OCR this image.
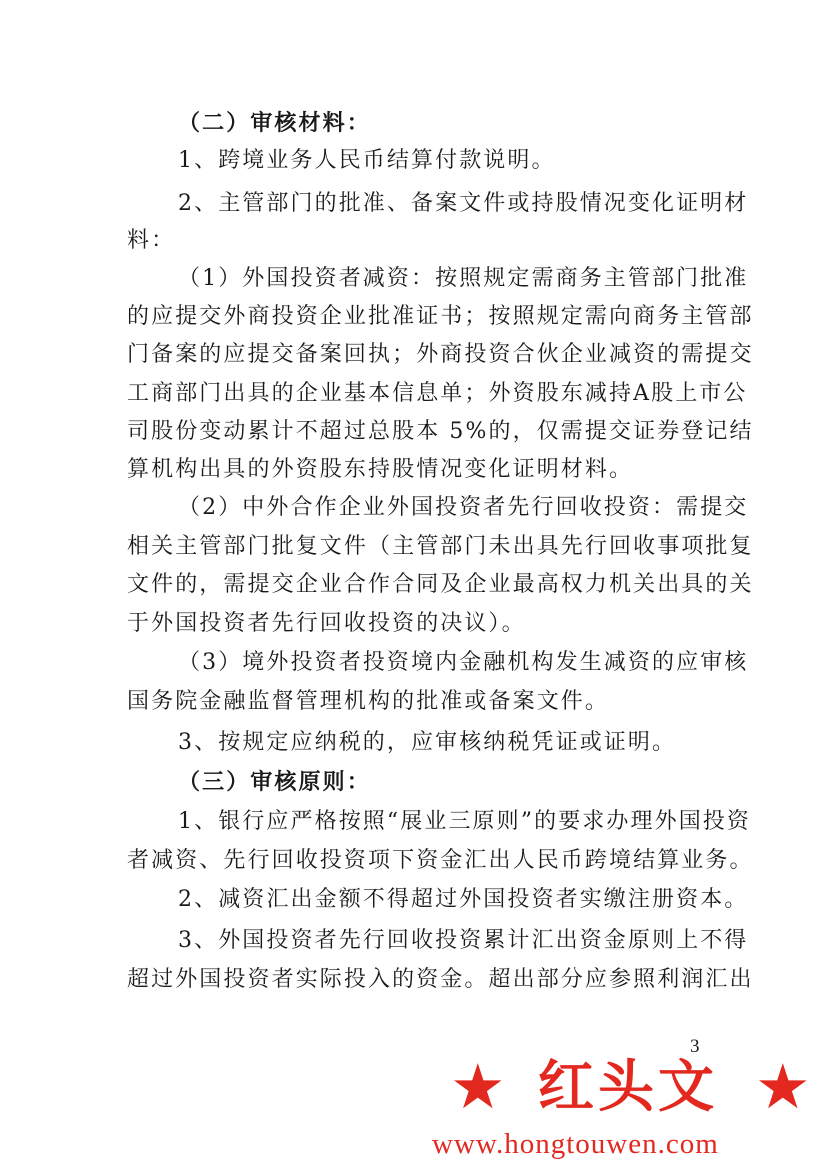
（二）审核材料：
1、跨境业务人民币结算付款说明。
2、主管部门的批准、备案文件或持股情况变化证明材
料：
（1）外国投资者减资：按照规定需商务主管部门批准
的应提交外商投资企业批准证书；按照规定需向商务主管部
门备案的应提交备案回执；外商投资合伙企业减资的需提交
工商部门出具的企业基本信息单；外资股东减持A股上市公
司股份变动累计不超过总股本 5%的，仅需提交证券登记结
算机构出具的外资股东持股情况变化证明材料。
（2）中外合作企业外国投资者先行回收投资：需提交
相关主管部门批复文件（主管部门未出具先行回收事项批复
文件的，需提交企业合作合同及企业最高权力机关出具的关
于外国投资者先行回收投资的决议）。
（3）境外投资者投资境内金融机构发生减资的应审核
国务院金融监督管理机构的批准或备案文件。
3、按规定应纳税的，应审核纳税凭证或证明。
（三）审核原则：
1、银行应严格按照“展业三原则”的要求办理外国投资
者减资、先行回收投资项下资金汇出人民币跨境结算业务。
2、减资汇出金额不得超过外国投资者实缴注册资本。
3、外国投资者先行回收投资累计汇出资金原则上不得
超过外国投资者实际投入的资金。超出部分应参照利润汇出
3
★ 红头文 ★
www.hongtouwen.com
